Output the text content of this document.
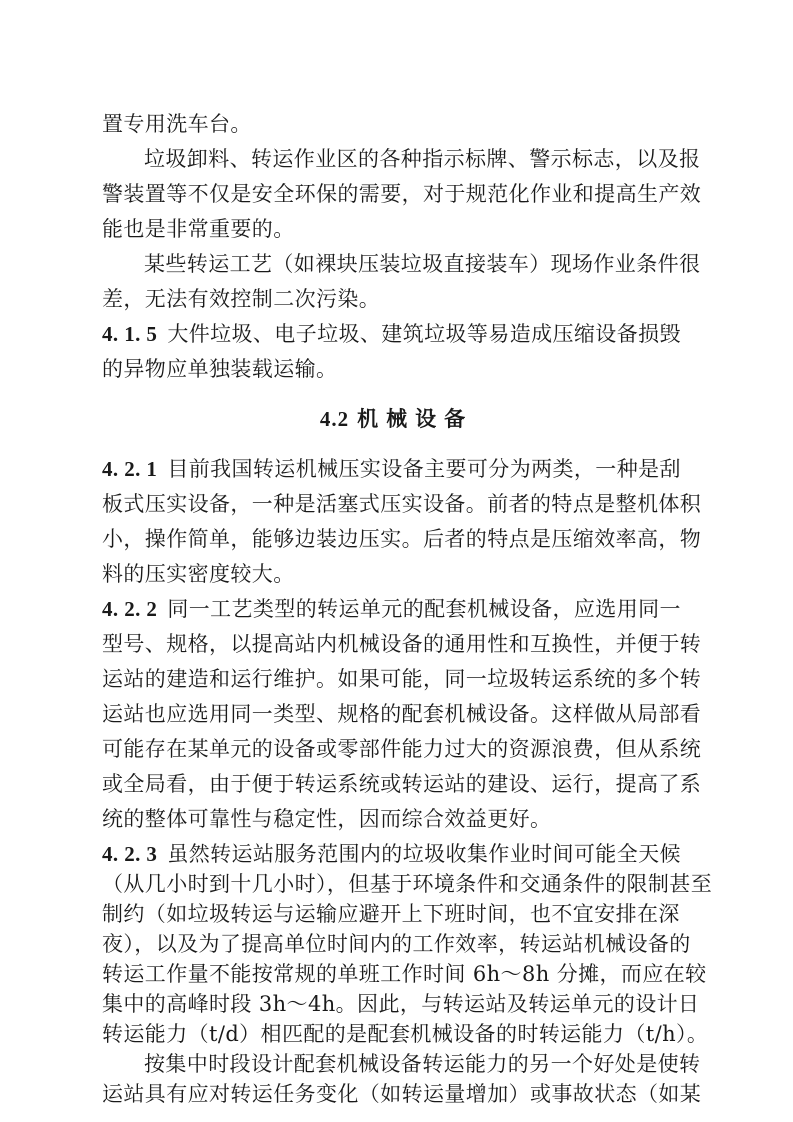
置专用洗车台。
垃圾卸料、转运作业区的各种指示标牌、警示标志，以及报
警装置等不仅是安全环保的需要，对于规范化作业和提高生产效
能也是非常重要的。
某些转运工艺（如裸块压装垃圾直接装车）现场作业条件很
差，无法有效控制二次污染。
4. 1. 5 大件垃圾、电子垃圾、建筑垃圾等易造成压缩设备损毁
的异物应单独装载运输。
4.2 机械设备
4. 2. 1 目前我国转运机械压实设备主要可分为两类，一种是刮
板式压实设备，一种是活塞式压实设备。前者的特点是整机体积
小，操作简单，能够边装边压实。后者的特点是压缩效率高，物
料的压实密度较大。
4. 2. 2 同一工艺类型的转运单元的配套机械设备，应选用同一
型号、规格，以提高站内机械设备的通用性和互换性，并便于转
运站的建造和运行维护。如果可能，同一垃圾转运系统的多个转
运站也应选用同一类型、规格的配套机械设备。这样做从局部看
可能存在某单元的设备或零部件能力过大的资源浪费，但从系统
或全局看，由于便于转运系统或转运站的建设、运行，提高了系
统的整体可靠性与稳定性，因而综合效益更好。
4. 2. 3 虽然转运站服务范围内的垃圾收集作业时间可能全天候
（从几小时到十几小时），但基于环境条件和交通条件的限制甚至
制约（如垃圾转运与运输应避开上下班时间，也不宜安排在深
夜），以及为了提高单位时间内的工作效率，转运站机械设备的
转运工作量不能按常规的单班工作时间 6h～8h 分摊，而应在较
集中的高峰时段 3h～4h。因此，与转运站及转运单元的设计日
转运能力（t/d）相匹配的是配套机械设备的时转运能力（t/h）。
按集中时段设计配套机械设备转运能力的另一个好处是使转
运站具有应对转运任务变化（如转运量增加）或事故状态（如某
